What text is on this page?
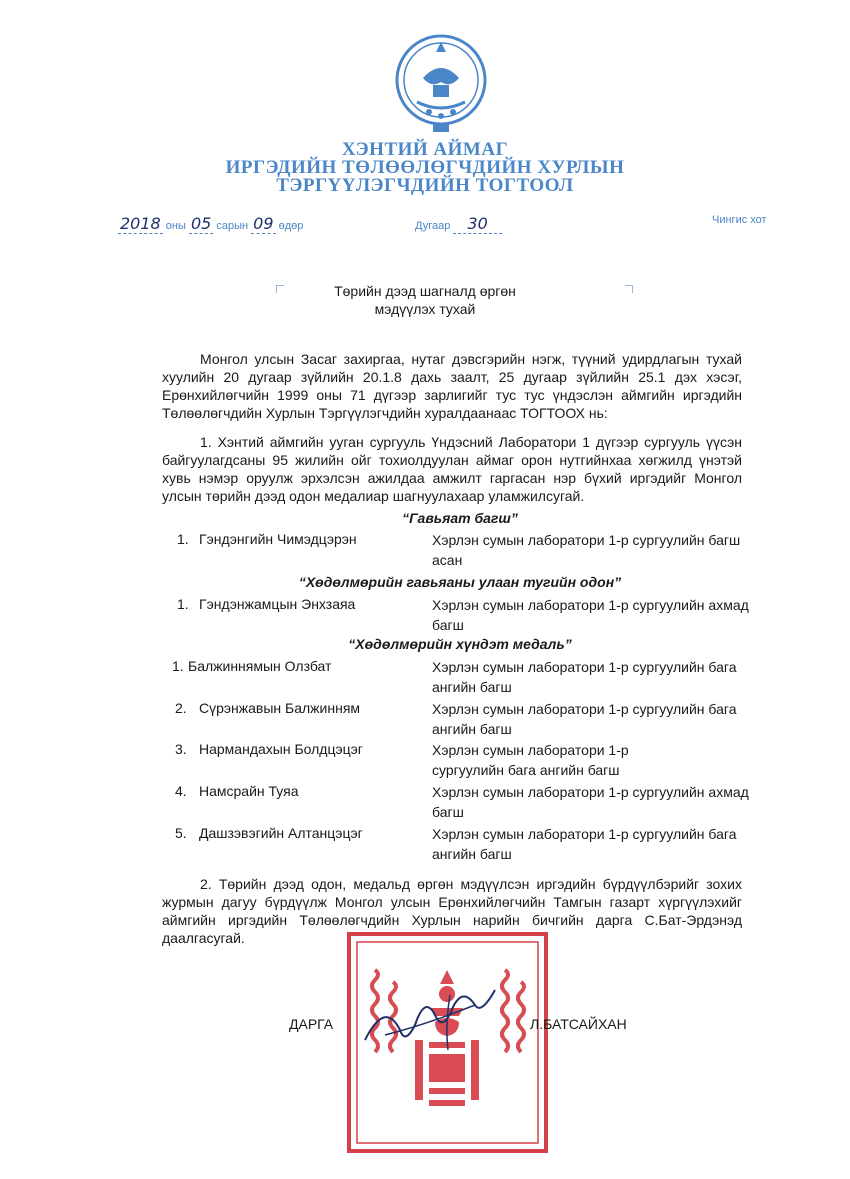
ХЭНТИЙ АЙМАГ
ИРГЭДИЙН ТӨЛӨӨЛӨГЧДИЙН ХУРЛЫН
ТЭРГҮҮЛЭГЧДИЙН ТОГТООЛ
2018 оны 05 сарын 09 өдөр	Дугаар 30	Чингис хот
Төрийн дээд шагналд өргөн
мэдүүлэх тухай
Монгол улсын Засаг захиргаа, нутаг дэвсгэрийн нэгж, түүний удирдлагын тухай хуулийн 20 дугаар зүйлийн 20.1.8 дахь заалт, 25 дугаар зүйлийн 25.1 дэх хэсэг, Ерөнхийлөгчийн 1999 оны 71 дүгээр зарлигийг тус тус үндэслэн аймгийн иргэдийн Төлөөлөгчдийн Хурлын Тэргүүлэгчдийн хуралдаанаас ТОГТООХ нь:
1. Хэнтий аймгийн ууган сургууль Үндэсний Лаборатори 1 дүгээр сургууль үүсэн байгуулагдсаны 95 жилийн ойг тохиолдуулан аймаг орон нутгийнхаа хөгжилд үнэтэй хувь нэмэр оруулж эрхэлсэн ажилдаа амжилт гаргасан нэр бүхий иргэдийг Монгол улсын төрийн дээд одон медалиар шагнуулахаар уламжилсугай.
“Гавьяат багш”
1. Гэндэнгийн Чимэдцэрэн	Хэрлэн сумын лаборатори 1-р сургуулийн багш асан
“Хөдөлмөрийн гавьяаны улаан тугийн одон”
1. Гэндэнжамцын Энхзаяа	Хэрлэн сумын лаборатори 1-р сургуулийн ахмад багш
“Хөдөлмөрийн хүндэт медаль”
1. Балжиннямын Олзбат	Хэрлэн сумын лаборатори 1-р сургуулийн бага ангийн багш
2. Сүрэнжавын Балжинням	Хэрлэн сумын лаборатори 1-р сургуулийн бага ангийн багш
3. Нармандахын Болдцэцэг	Хэрлэн сумын лаборатори 1-р сургуулийн бага ангийн багш
4. Намсрайн Туяа	Хэрлэн сумын лаборатори 1-р сургуулийн ахмад багш
5. Дашзэвэгийн Алтанцэцэг	Хэрлэн сумын лаборатори 1-р сургуулийн бага ангийн багш
2. Төрийн дээд одон, медальд өргөн мэдүүлсэн иргэдийн бүрдүүлбэрийг зохих журмын дагуу бүрдүүлж Монгол улсын Ерөнхийлөгчийн Тамгын газарт хүргүүлэхийг аймгийн иргэдийн Төлөөлөгчдийн Хурлын нарийн бичгийн дарга С.Бат-Эрдэнэд даалгасугай.
ДАРГА	Л.БАТСАЙХАН
